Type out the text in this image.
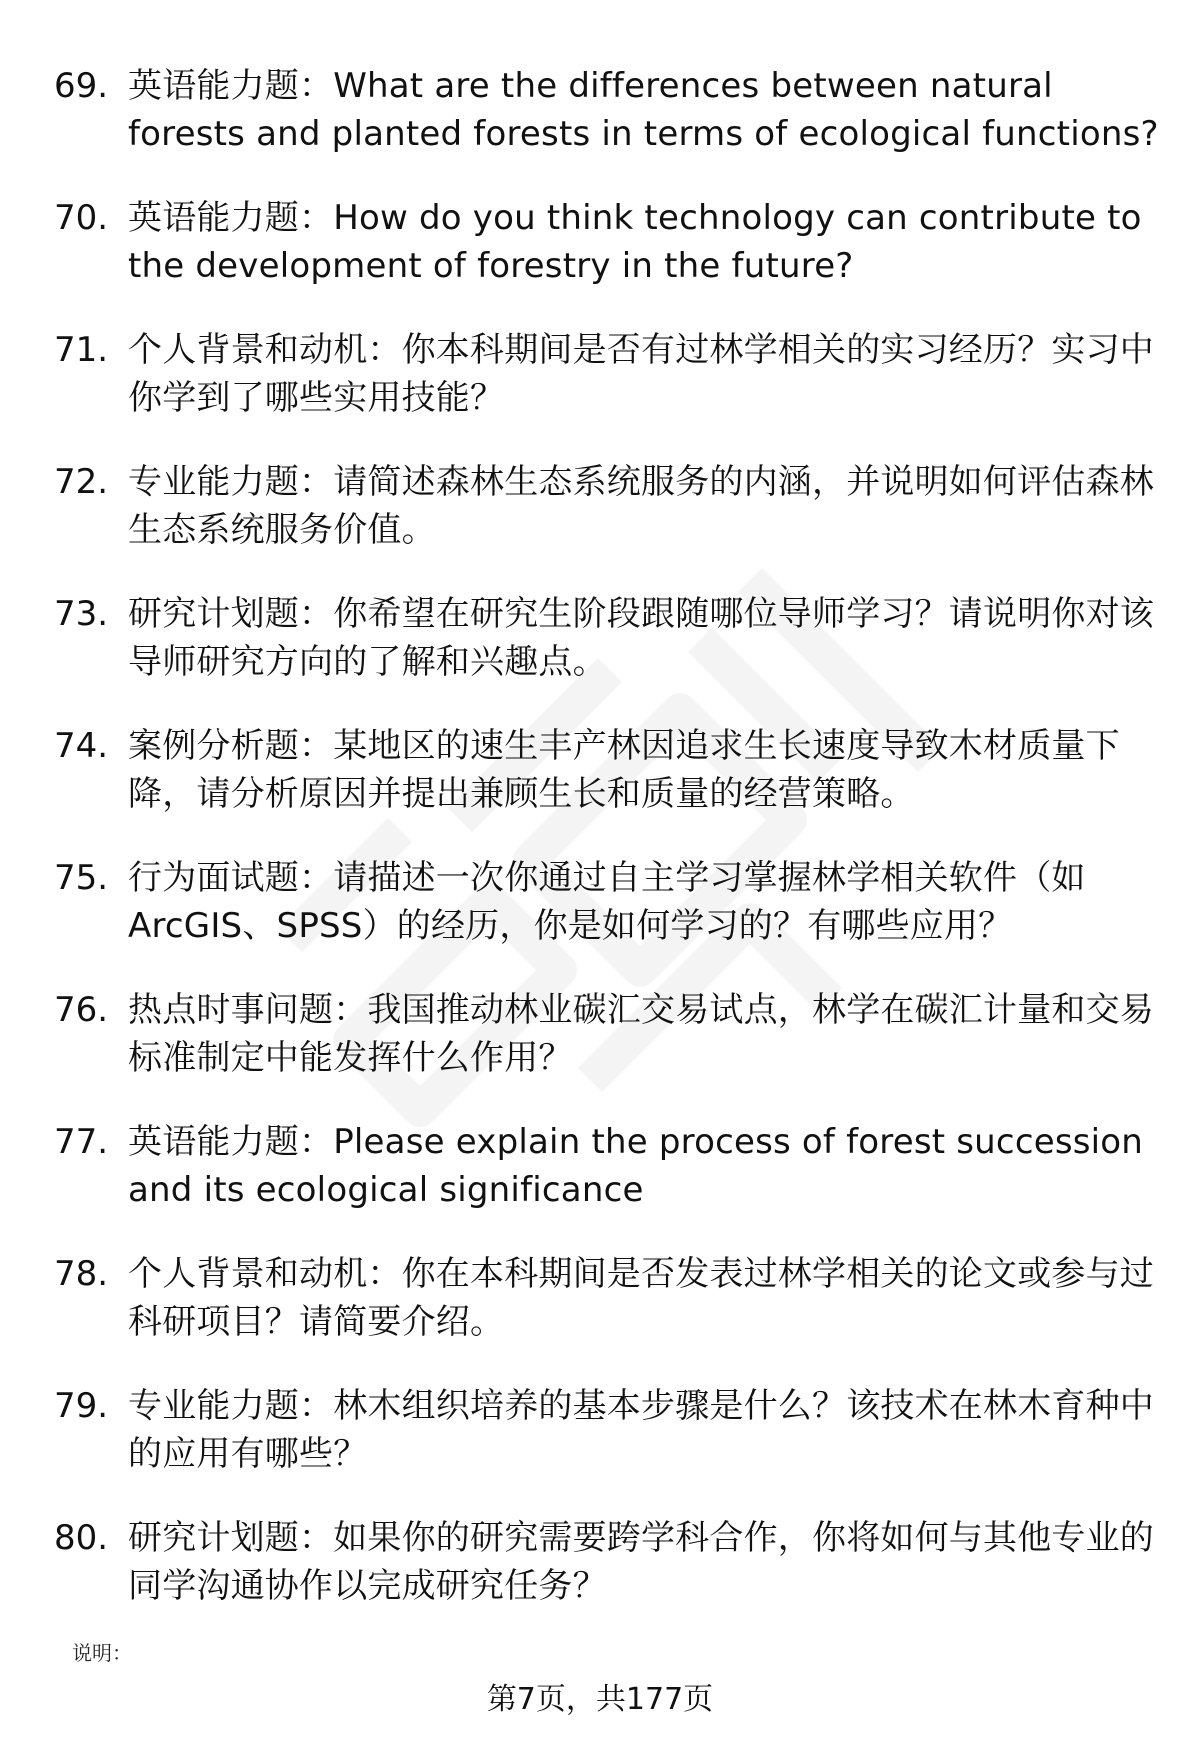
69. 英语能力题：What are the differences between natural forests and planted forests in terms of ecological functions?
70. 英语能力题：How do you think technology can contribute to the development of forestry in the future?
71. 个人背景和动机：你本科期间是否有过林学相关的实习经历？实习中你学到了哪些实用技能？
72. 专业能力题：请简述森林生态系统服务的内涵，并说明如何评估森林生态系统服务价值。
73. 研究计划题：你希望在研究生阶段跟随哪位导师学习？请说明你对该导师研究方向的了解和兴趣点。
74. 案例分析题：某地区的速生丰产林因追求生长速度导致木材质量下降，请分析原因并提出兼顾生长和质量的经营策略。
75. 行为面试题：请描述一次你通过自主学习掌握林学相关软件（如ArcGIS、SPSS）的经历，你是如何学习的？有哪些应用？
76. 热点时事问题：我国推动林业碳汇交易试点，林学在碳汇计量和交易标准制定中能发挥什么作用？
77. 英语能力题：Please explain the process of forest succession and its ecological significance
78. 个人背景和动机：你在本科期间是否发表过林学相关的论文或参与过科研项目？请简要介绍。
79. 专业能力题：林木组织培养的基本步骤是什么？该技术在林木育种中的应用有哪些？
80. 研究计划题：如果你的研究需要跨学科合作，你将如何与其他专业的同学沟通协作以完成研究任务？
说明：
第7页，共177页
